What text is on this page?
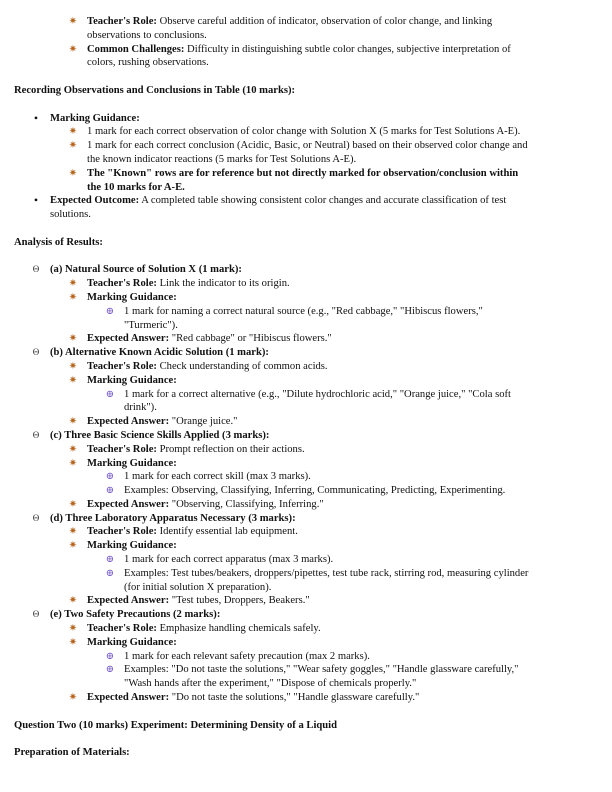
✷ Teacher's Role: Observe careful addition of indicator, observation of color change, and linking
observations to conclusions.
✷ Common Challenges: Difficulty in distinguishing subtle color changes, subjective interpretation of
colors, rushing observations.
Recording Observations and Conclusions in Table (10 marks):
•	Marking Guidance:
✷ 1 mark for each correct observation of color change with Solution X (5 marks for Test Solutions A-E).
✷ 1 mark for each correct conclusion (Acidic, Basic, or Neutral) based on their observed color change and
the known indicator reactions (5 marks for Test Solutions A-E).
✷ The "Known" rows are for reference but not directly marked for observation/conclusion within
the 10 marks for A-E.
•	Expected Outcome: A completed table showing consistent color changes and accurate classification of test
solutions.
Analysis of Results:
Θ (a) Natural Source of Solution X (1 mark):
✷ Teacher's Role: Link the indicator to its origin.
✷ Marking Guidance:
⊕ 1 mark for naming a correct natural source (e.g., "Red cabbage," "Hibiscus flowers,"
"Turmeric").
✷ Expected Answer: "Red cabbage" or "Hibiscus flowers."
Θ (b) Alternative Known Acidic Solution (1 mark):
✷ Teacher's Role: Check understanding of common acids.
✷ Marking Guidance:
⊕ 1 mark for a correct alternative (e.g., "Dilute hydrochloric acid," "Orange juice," "Cola soft
drink").
✷ Expected Answer: "Orange juice."
Θ (c) Three Basic Science Skills Applied (3 marks):
✷ Teacher's Role: Prompt reflection on their actions.
✷ Marking Guidance:
⊕ 1 mark for each correct skill (max 3 marks).
⊕ Examples: Observing, Classifying, Inferring, Communicating, Predicting, Experimenting.
✷ Expected Answer: "Observing, Classifying, Inferring."
Θ (d) Three Laboratory Apparatus Necessary (3 marks):
✷ Teacher's Role: Identify essential lab equipment.
✷ Marking Guidance:
⊕ 1 mark for each correct apparatus (max 3 marks).
⊕ Examples: Test tubes/beakers, droppers/pipettes, test tube rack, stirring rod, measuring cylinder
(for initial solution X preparation).
✷ Expected Answer: "Test tubes, Droppers, Beakers."
Θ (e) Two Safety Precautions (2 marks):
✷ Teacher's Role: Emphasize handling chemicals safely.
✷ Marking Guidance:
⊕ 1 mark for each relevant safety precaution (max 2 marks).
⊕ Examples: "Do not taste the solutions," "Wear safety goggles," "Handle glassware carefully,"
"Wash hands after the experiment," "Dispose of chemicals properly."
✷ Expected Answer: "Do not taste the solutions," "Handle glassware carefully."
Question Two (10 marks) Experiment: Determining Density of a Liquid
Preparation of Materials:
